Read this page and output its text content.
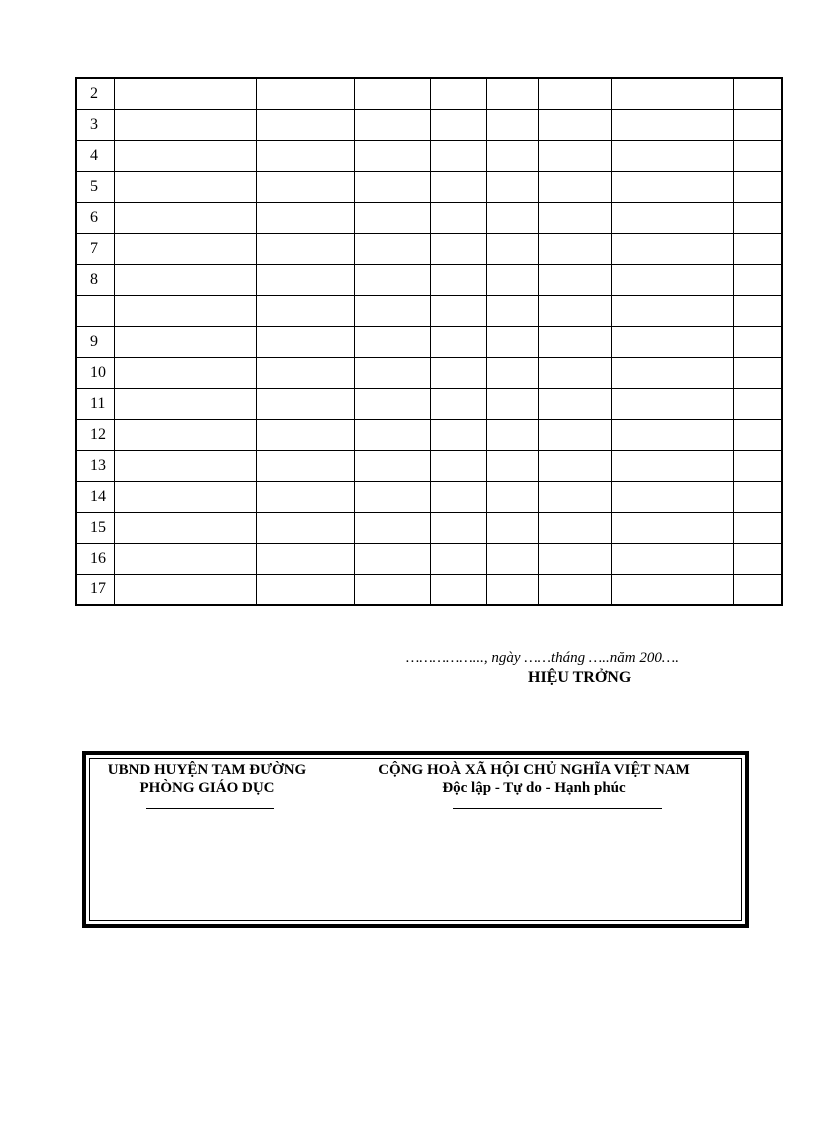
2								
3								
4								
5								
6								
7								
8								

9								
10								
11								
12								
13								
14								
15								
16								
17								
……………..., ngày ……tháng …..năm 200….
HIỆU TRỞNG
UBND HUYỆN TAM ĐƯỜNG
PHÒNG GIÁO DỤC
CỘNG HOÀ XÃ HỘI CHỦ NGHĨA VIỆT NAM
Độc lập - Tự do - Hạnh phúc
